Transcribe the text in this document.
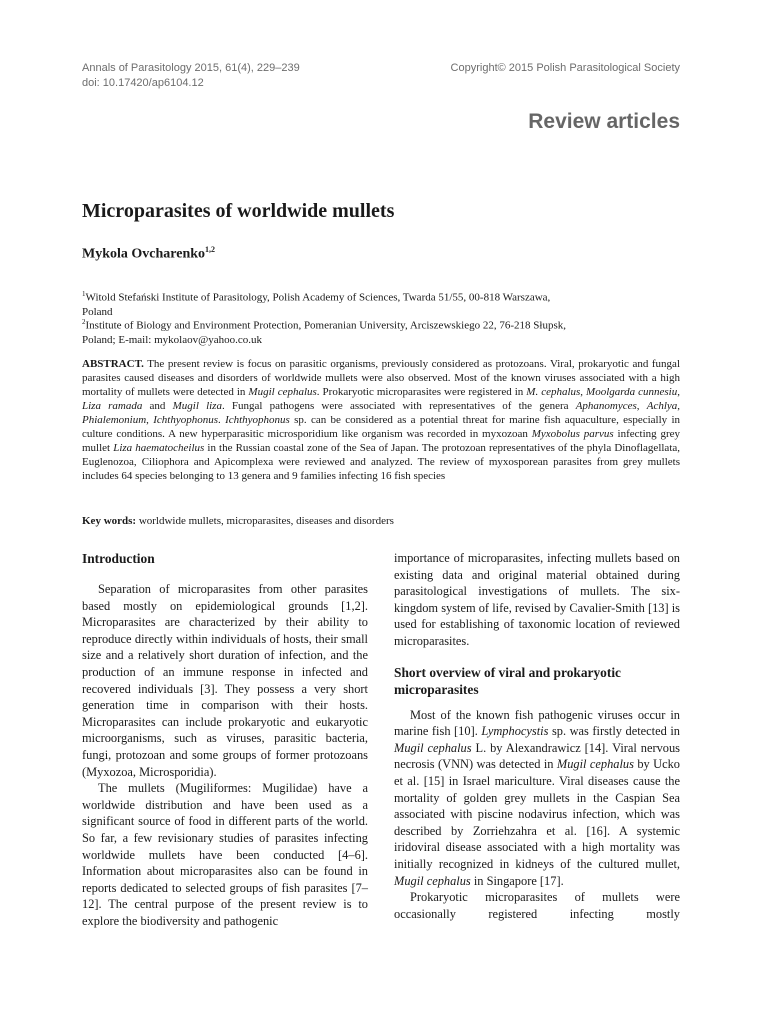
Annals of Parasitology 2015, 61(4), 229–239
doi: 10.17420/ap6104.12
Copyright© 2015 Polish Parasitological Society
Review articles
Microparasites of worldwide mullets
Mykola Ovcharenko$^{1,2}$
$^1$Witold Stefański Institute of Parasitology, Polish Academy of Sciences, Twarda 51/55, 00-818 Warszawa,
Poland
$^2$Institute of Biology and Environment Protection, Pomeranian University, Arciszewskiego 22, 76-218 Słupsk,
Poland; E-mail: mykolaov@yahoo.co.uk

ABSTRACT. The present review is focus on parasitic organisms, previously considered as protozoans. Viral, prokaryotic and fungal parasites caused diseases and disorders of worldwide mullets were also observed. Most of the known viruses associated with a high mortality of mullets were detected in Mugil cephalus. Prokaryotic microparasites were registered in M. cephalus, Moolgarda cunnesiu, Liza ramada and Mugil liza. Fungal pathogens were associated with representatives of the genera Aphanomyces, Achlya, Phialemonium, Ichthyophonus. Ichthyophonus sp. can be considered as a potential threat for marine fish aquaculture, especially in culture conditions. A new hyperparasitic microsporidium like organism was recorded in myxozoan Myxobolus parvus infecting grey mullet Liza haematocheilus in the Russian coastal zone of the Sea of Japan. The protozoan representatives of the phyla Dinoflagellata, Euglenozoa, Ciliophora and Apicomplexa were reviewed and analyzed. The review of myxosporean parasites from grey mullets includes 64 species belonging to 13 genera and 9 families infecting 16 fish species

Key words: worldwide mullets, microparasites, diseases and disorders

Introduction

Separation of microparasites from other parasites based mostly on epidemiological grounds [1,2]. Microparasites are characterized by their ability to reproduce directly within individuals of hosts, their small size and a relatively short duration of infection, and the production of an immune response in infected and recovered individuals [3]. They possess a very short generation time in comparison with their hosts. Microparasites can include prokaryotic and eukaryotic microorganisms, such as viruses, parasitic bacteria, fungi, protozoan and some groups of former protozoans (Myxozoa, Microsporidia).

The mullets (Mugiliformes: Mugilidae) have a worldwide distribution and have been used as a significant source of food in different parts of the world. So far, a few revisionary studies of parasites infecting worldwide mullets have been conducted [4–6]. Information about microparasites also can be found in reports dedicated to selected groups of fish parasites [7–12]. The central purpose of the present review is to explore the biodiversity and pathogenic

importance of microparasites, infecting mullets based on existing data and original material obtained during parasitological investigations of mullets. The six-kingdom system of life, revised by Cavalier-Smith [13] is used for establishing of taxonomic location of reviewed microparasites.

Short overview of viral and prokaryotic microparasites

Most of the known fish pathogenic viruses occur in marine fish [10]. Lymphocystis sp. was firstly detected in Mugil cephalus L. by Alexandrawicz [14]. Viral nervous necrosis (VNN) was detected in Mugil cephalus by Ucko et al. [15] in Israel mariculture. Viral diseases cause the mortality of golden grey mullets in the Caspian Sea associated with piscine nodavirus infection, which was described by Zorriehzahra et al. [16]. A systemic iridoviral disease associated with a high mortality was initially recognized in kidneys of the cultured mullet, Mugil cephalus in Singapore [17].

Prokaryotic microparasites of mullets were occasionally registered infecting mostly
